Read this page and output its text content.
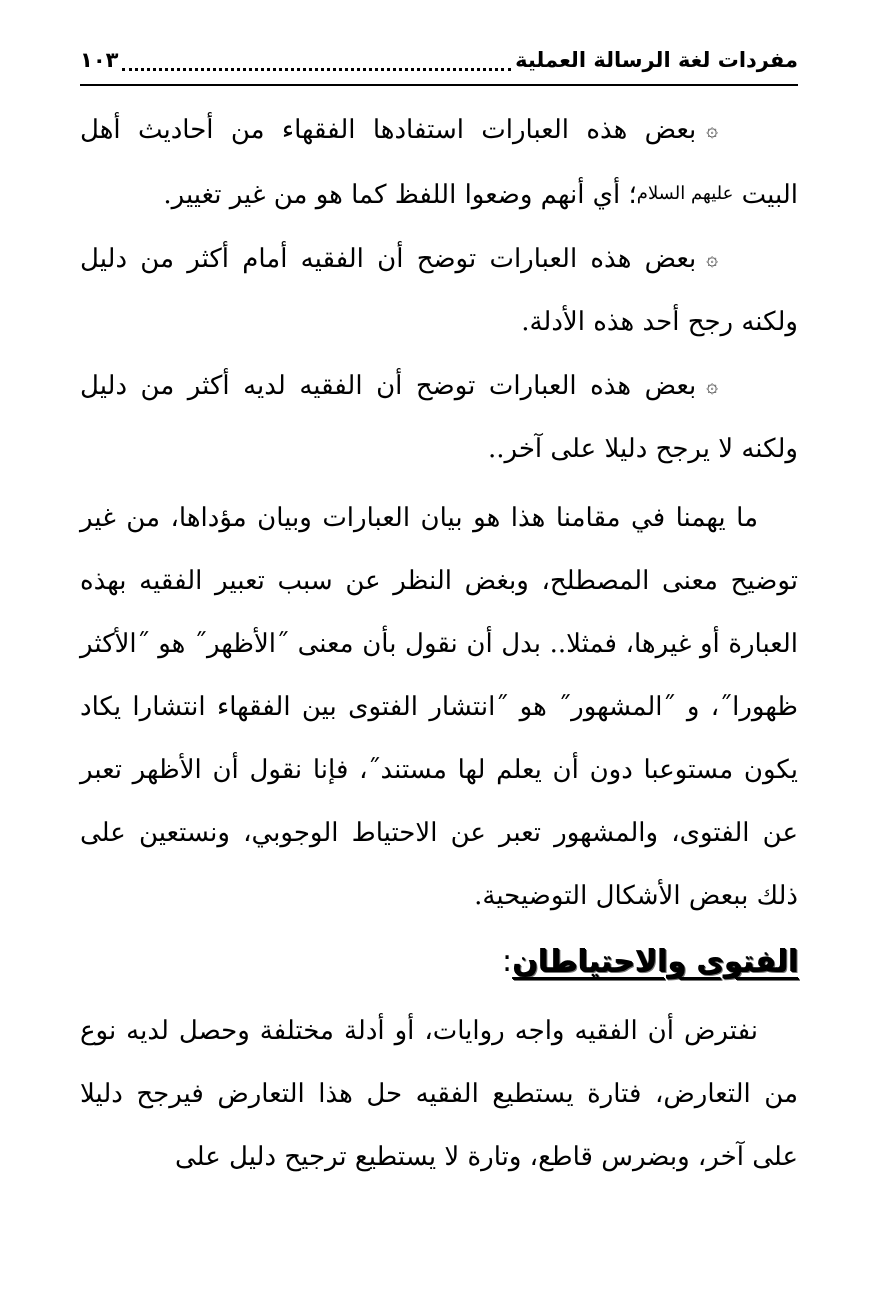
مفردات لغة الرسالة العملية
١٠٣

۞بعض هذه العبارات استفادها الفقهاء من أحاديث أهل البيت عليهم السلام؛ أي أنهم وضعوا اللفظ كما هو من غير تغيير.

۞بعض هذه العبارات توضح أن الفقيه أمام أكثر من دليل ولكنه رجح أحد هذه الأدلة.

۞بعض هذه العبارات توضح أن الفقيه لديه أكثر من دليل ولكنه لا يرجح دليلا على آخر..

ما يهمنا في مقامنا هذا هو بيان العبارات وبيان مؤداها، من غير توضيح معنى المصطلح، وبغض النظر عن سبب تعبير الفقيه بهذه العبارة أو غيرها، فمثلا.. بدل أن نقول بأن معنى ˝الأظهر˝ هو ˝الأكثر ظهورا˝، و ˝المشهور˝ هو ˝انتشار الفتوى بين الفقهاء انتشارا يكاد يكون مستوعبا دون أن يعلم لها مستند˝، فإنا نقول أن الأظهر تعبر عن الفتوى، والمشهور تعبر عن الاحتياط الوجوبي، ونستعين على ذلك ببعض الأشكال التوضيحية.

الفتوى والاحتياطان:

نفترض أن الفقيه واجه روايات، أو أدلة مختلفة وحصل لديه نوع من التعارض، فتارة يستطيع الفقيه حل هذا التعارض فيرجح دليلا على آخر، وبضرس قاطع، وتارة لا يستطيع ترجيح دليل على
